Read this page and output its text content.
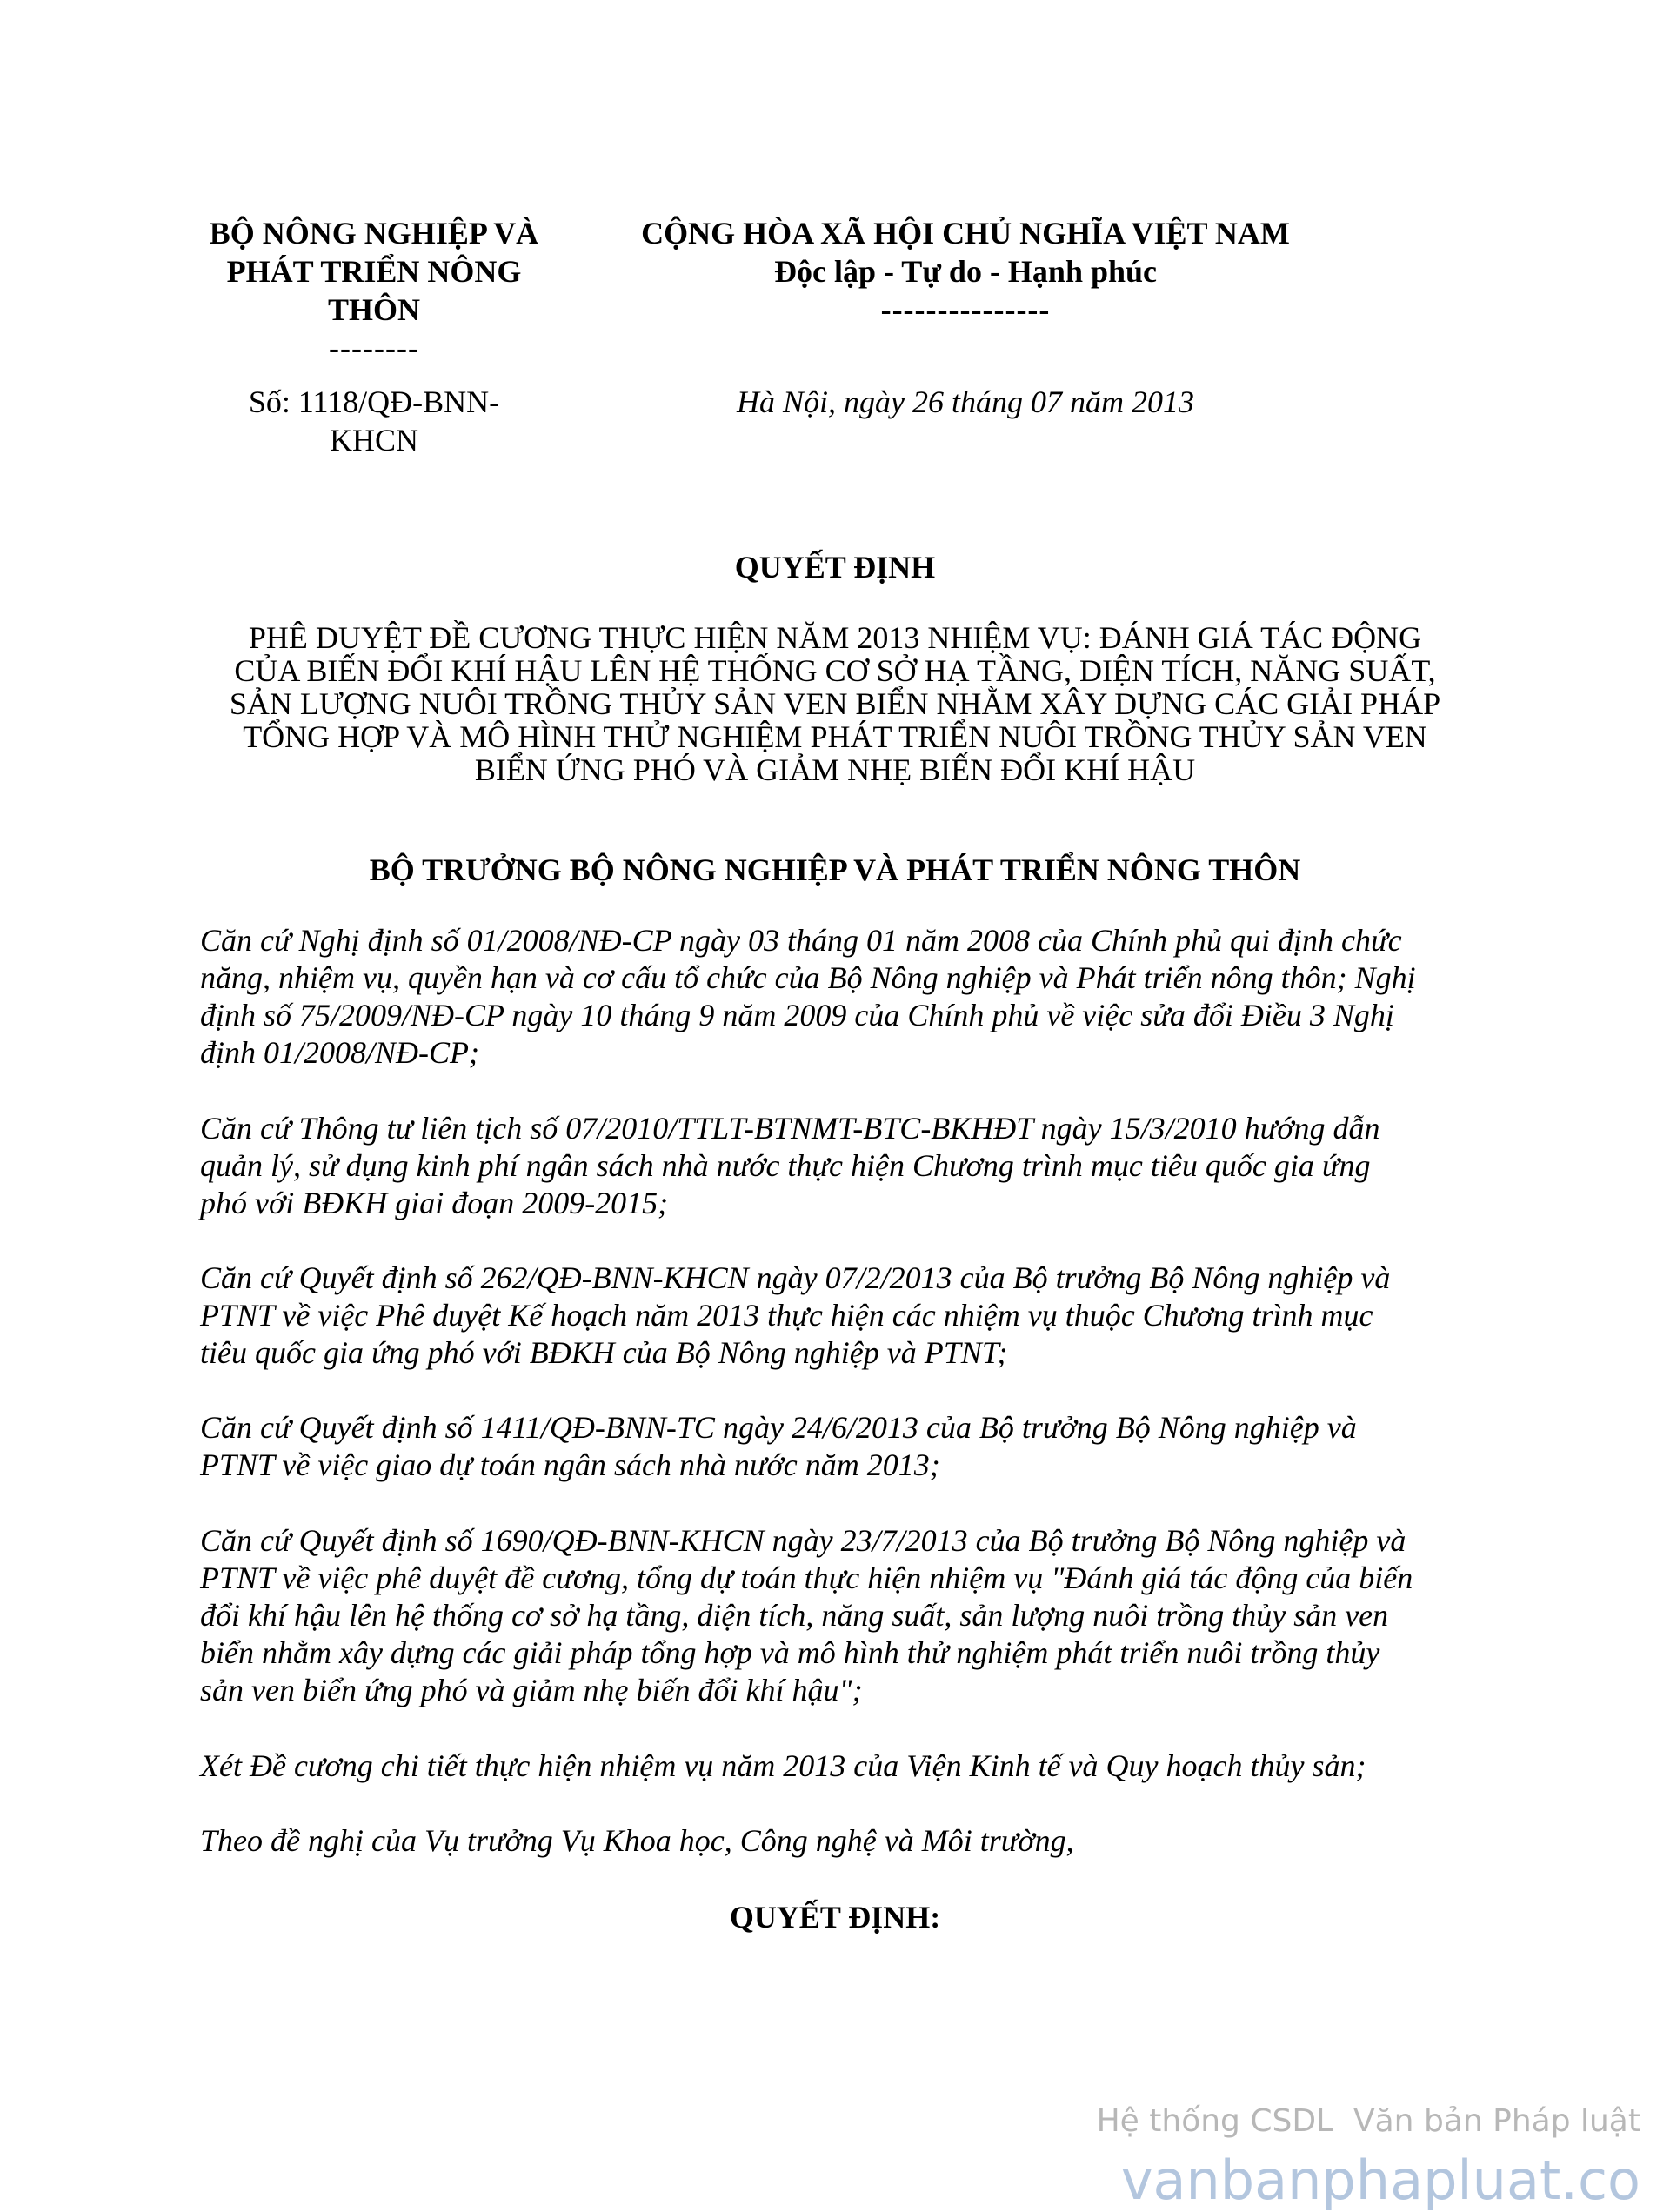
BỘ NÔNG NGHIỆP VÀ
PHÁT TRIỂN NÔNG
THÔN
--------
CỘNG HÒA XÃ HỘI CHỦ NGHĨA VIỆT NAM
Độc lập - Tự do - Hạnh phúc
---------------
Số: 1118/QĐ-BNN-
KHCN
Hà Nội, ngày 26 tháng 07 năm 2013
QUYẾT ĐỊNH
PHÊ DUYỆT ĐỀ CƯƠNG THỰC HIỆN NĂM 2013 NHIỆM VỤ: ĐÁNH GIÁ TÁC ĐỘNG
CỦA BIẾN ĐỔI KHÍ HẬU LÊN HỆ THỐNG CƠ SỞ HẠ TẦNG, DIỆN TÍCH, NĂNG SUẤT,
SẢN LƯỢNG NUÔI TRỒNG THỦY SẢN VEN BIỂN NHẰM XÂY DỰNG CÁC GIẢI PHÁP
TỔNG HỢP VÀ MÔ HÌNH THỬ NGHIỆM PHÁT TRIỂN NUÔI TRỒNG THỦY SẢN VEN
BIỂN ỨNG PHÓ VÀ GIẢM NHẸ BIẾN ĐỔI KHÍ HẬU
BỘ TRƯỞNG BỘ NÔNG NGHIỆP VÀ PHÁT TRIỂN NÔNG THÔN
Căn cứ Nghị định số 01/2008/NĐ-CP ngày 03 tháng 01 năm 2008 của Chính phủ qui định chức
năng, nhiệm vụ, quyền hạn và cơ cấu tổ chức của Bộ Nông nghiệp và Phát triển nông thôn; Nghị
định số 75/2009/NĐ-CP ngày 10 tháng 9 năm 2009 của Chính phủ về việc sửa đổi Điều 3 Nghị
định 01/2008/NĐ-CP;
Căn cứ Thông tư liên tịch số 07/2010/TTLT-BTNMT-BTC-BKHĐT ngày 15/3/2010 hướng dẫn
quản lý, sử dụng kinh phí ngân sách nhà nước thực hiện Chương trình mục tiêu quốc gia ứng
phó với BĐKH giai đoạn 2009-2015;
Căn cứ Quyết định số 262/QĐ-BNN-KHCN ngày 07/2/2013 của Bộ trưởng Bộ Nông nghiệp và
PTNT về việc Phê duyệt Kế hoạch năm 2013 thực hiện các nhiệm vụ thuộc Chương trình mục
tiêu quốc gia ứng phó với BĐKH của Bộ Nông nghiệp và PTNT;
Căn cứ Quyết định số 1411/QĐ-BNN-TC ngày 24/6/2013 của Bộ trưởng Bộ Nông nghiệp và
PTNT về việc giao dự toán ngân sách nhà nước năm 2013;
Căn cứ Quyết định số 1690/QĐ-BNN-KHCN ngày 23/7/2013 của Bộ trưởng Bộ Nông nghiệp và
PTNT về việc phê duyệt đề cương, tổng dự toán thực hiện nhiệm vụ "Đánh giá tác động của biến
đổi khí hậu lên hệ thống cơ sở hạ tầng, diện tích, năng suất, sản lượng nuôi trồng thủy sản ven
biển nhằm xây dựng các giải pháp tổng hợp và mô hình thử nghiệm phát triển nuôi trồng thủy
sản ven biển ứng phó và giảm nhẹ biến đổi khí hậu";
Xét Đề cương chi tiết thực hiện nhiệm vụ năm 2013 của Viện Kinh tế và Quy hoạch thủy sản;
Theo đề nghị của Vụ trưởng Vụ Khoa học, Công nghệ và Môi trường,
QUYẾT ĐỊNH:
Hệ thống CSDL  Văn bản Pháp luật
vanbanphapluat.co
